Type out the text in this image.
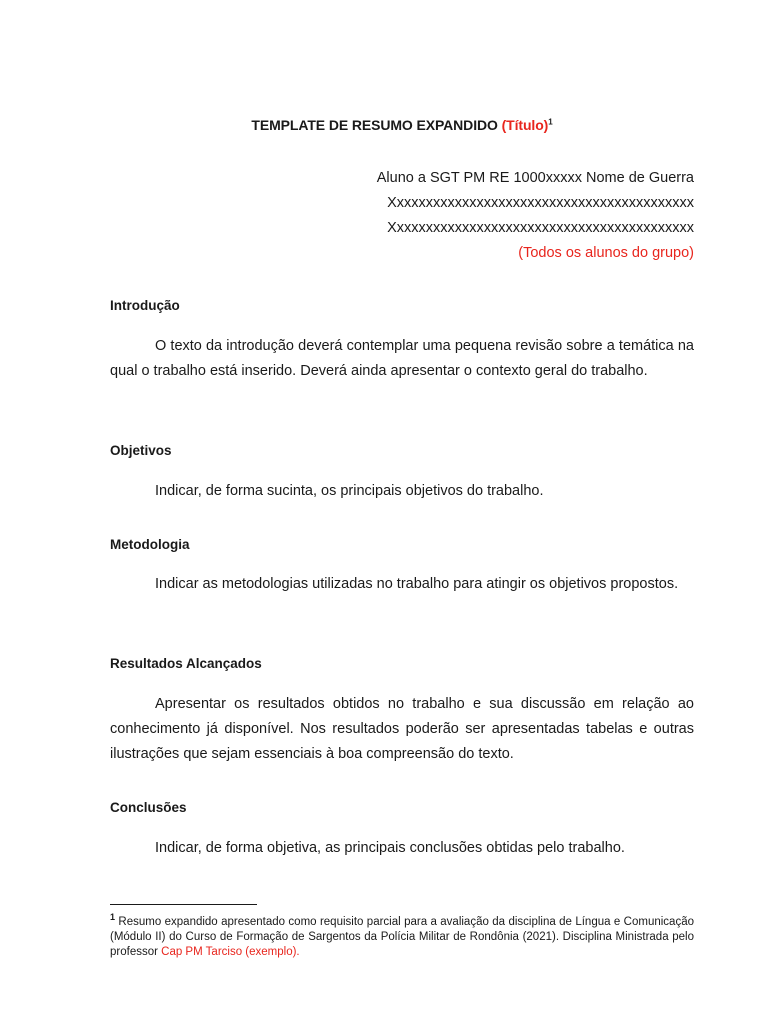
TEMPLATE DE RESUMO EXPANDIDO (Título)$^1$
Aluno a SGT PM RE 1000xxxxx Nome de Guerra
Xxxxxxxxxxxxxxxxxxxxxxxxxxxxxxxxxxxxxxxxxx
Xxxxxxxxxxxxxxxxxxxxxxxxxxxxxxxxxxxxxxxxxx
(Todos os alunos do grupo)
Introdução
O texto da introdução deverá contemplar uma pequena revisão sobre a temática na qual o trabalho está inserido. Deverá ainda apresentar o contexto geral do trabalho.
Objetivos
Indicar, de forma sucinta, os principais objetivos do trabalho.
Metodologia
Indicar as metodologias utilizadas no trabalho para atingir os objetivos propostos.
Resultados Alcançados
Apresentar os resultados obtidos no trabalho e sua discussão em relação ao conhecimento já disponível. Nos resultados poderão ser apresentadas tabelas e outras ilustrações que sejam essenciais à boa compreensão do texto.
Conclusões
Indicar, de forma objetiva, as principais conclusões obtidas pelo trabalho.
$^1$ Resumo expandido apresentado como requisito parcial para a avaliação da disciplina de Língua e Comunicação (Módulo II) do Curso de Formação de Sargentos da Polícia Militar de Rondônia (2021). Disciplina Ministrada pelo professor Cap PM Tarciso (exemplo).
